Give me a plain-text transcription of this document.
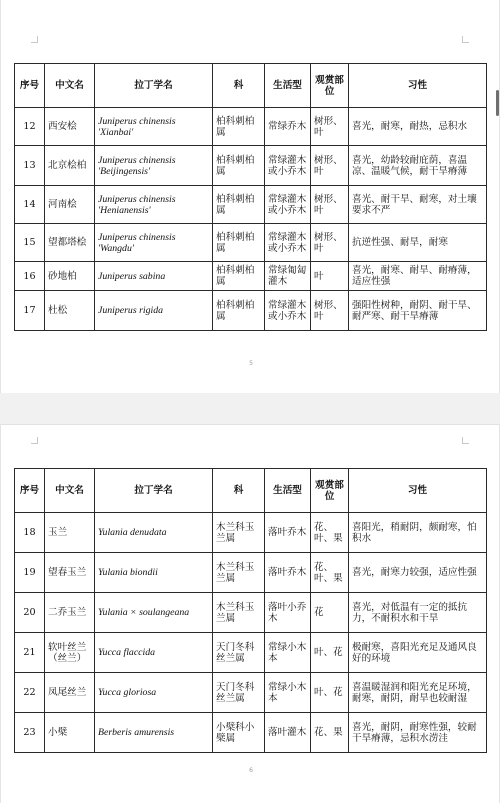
序号	中文名	拉丁学名	科	生活型	观赏部位	习性
12	西安桧	Juniperus chinensis 'Xianbai'	柏科刺柏属	常绿乔木	树形、叶	喜光，耐寒，耐热，忌积水
13	北京桧柏	Juniperus chinensis 'Beijingensis'	柏科刺柏属	常绿灌木或小乔木	树形、叶	喜光，幼龄较耐庇荫，喜温凉、温暖气候，耐干旱瘠薄
14	河南桧	Juniperus chinensis 'Henianensis'	柏科刺柏属	常绿灌木或小乔木	树形、叶	喜光、耐干旱、耐寒，对土壤要求不严
15	望都塔桧	Juniperus chinensis 'Wangdu'	柏科刺柏属	常绿灌木或小乔木	树形、叶	抗逆性强、耐旱，耐寒
16	砂地柏	Juniperus sabina	柏科刺柏属	常绿匍匐灌木	叶	喜光，耐寒、耐旱、耐瘠薄，适应性强
17	杜松	Juniperus rigida	柏科刺柏属	常绿灌木或小乔木	树形、叶	强阳性树种，耐阴、耐干旱、耐严寒、耐干旱瘠薄
5
序号	中文名	拉丁学名	科	生活型	观赏部位	习性
18	玉兰	Yulania denudata	木兰科玉兰属	落叶乔木	花、叶、果	喜阳光，稍耐阴，颇耐寒，怕积水
19	望春玉兰	Yulania biondii	木兰科玉兰属	落叶乔木	花、叶、果	喜光，耐寒力较强，适应性强
20	二乔玉兰	Yulania × soulangeana	木兰科玉兰属	落叶小乔木	花	喜光，对低温有一定的抵抗力，不耐积水和干旱
21	软叶丝兰（丝兰）	Yucca flaccida	天门冬科丝兰属	常绿小木本	叶、花	极耐寒，喜阳光充足及通风良好的环境
22	凤尾丝兰	Yucca gloriosa	天门冬科丝兰属	常绿小木本	叶、花	喜温暖湿润和阳光充足环境，耐寒，耐阴，耐旱也较耐湿
23	小檗	Berberis amurensis	小檗科小檗属	落叶灌木	花、果	喜光，耐阴，耐寒性强，较耐干旱瘠薄，忌积水涝洼
6
